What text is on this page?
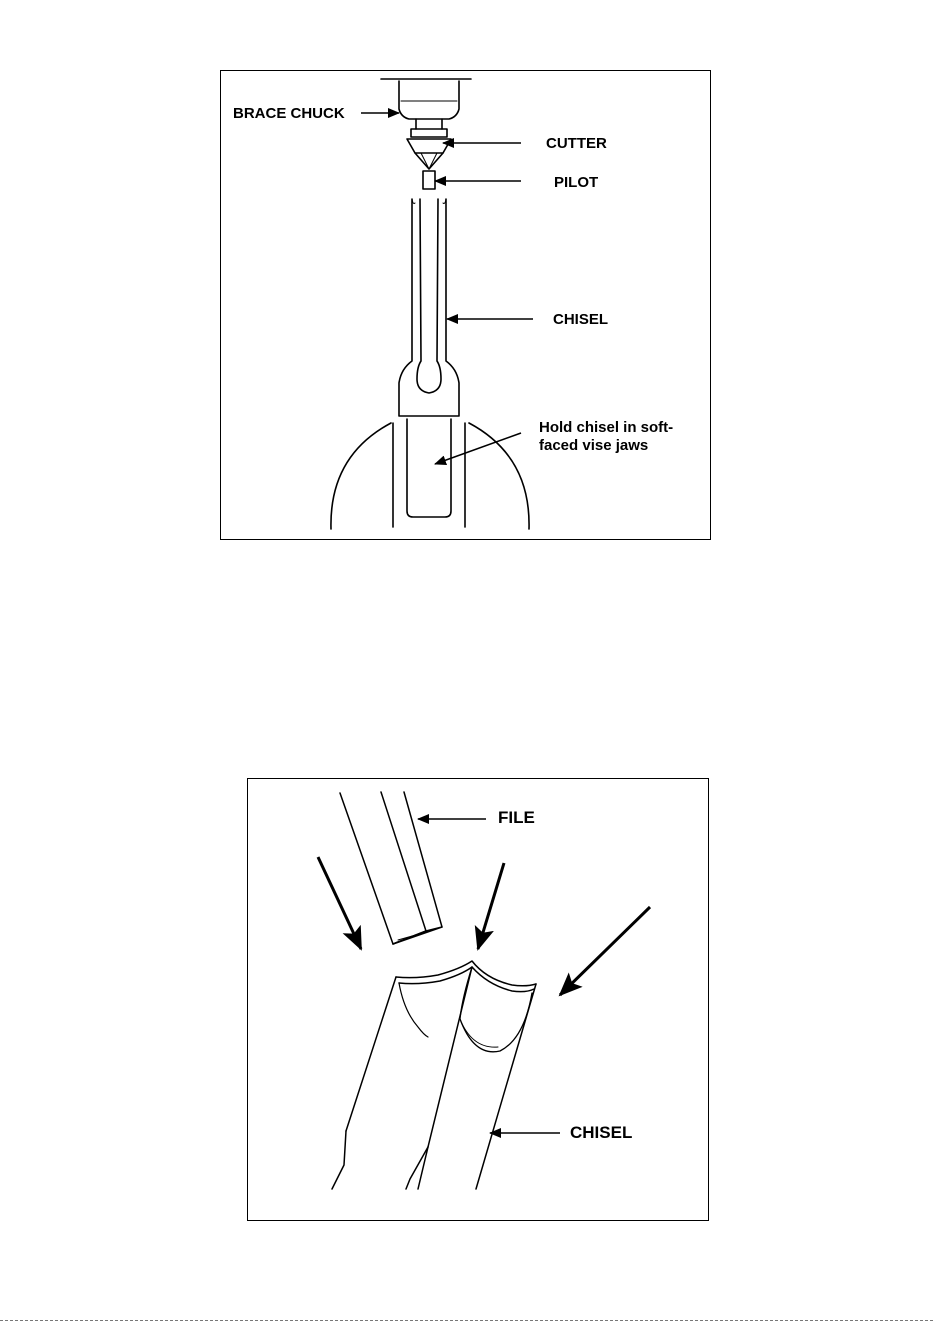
BRACE CHUCK
CUTTER
PILOT
CHISEL
Hold chisel in soft-faced vise jaws
FILE
CHISEL
